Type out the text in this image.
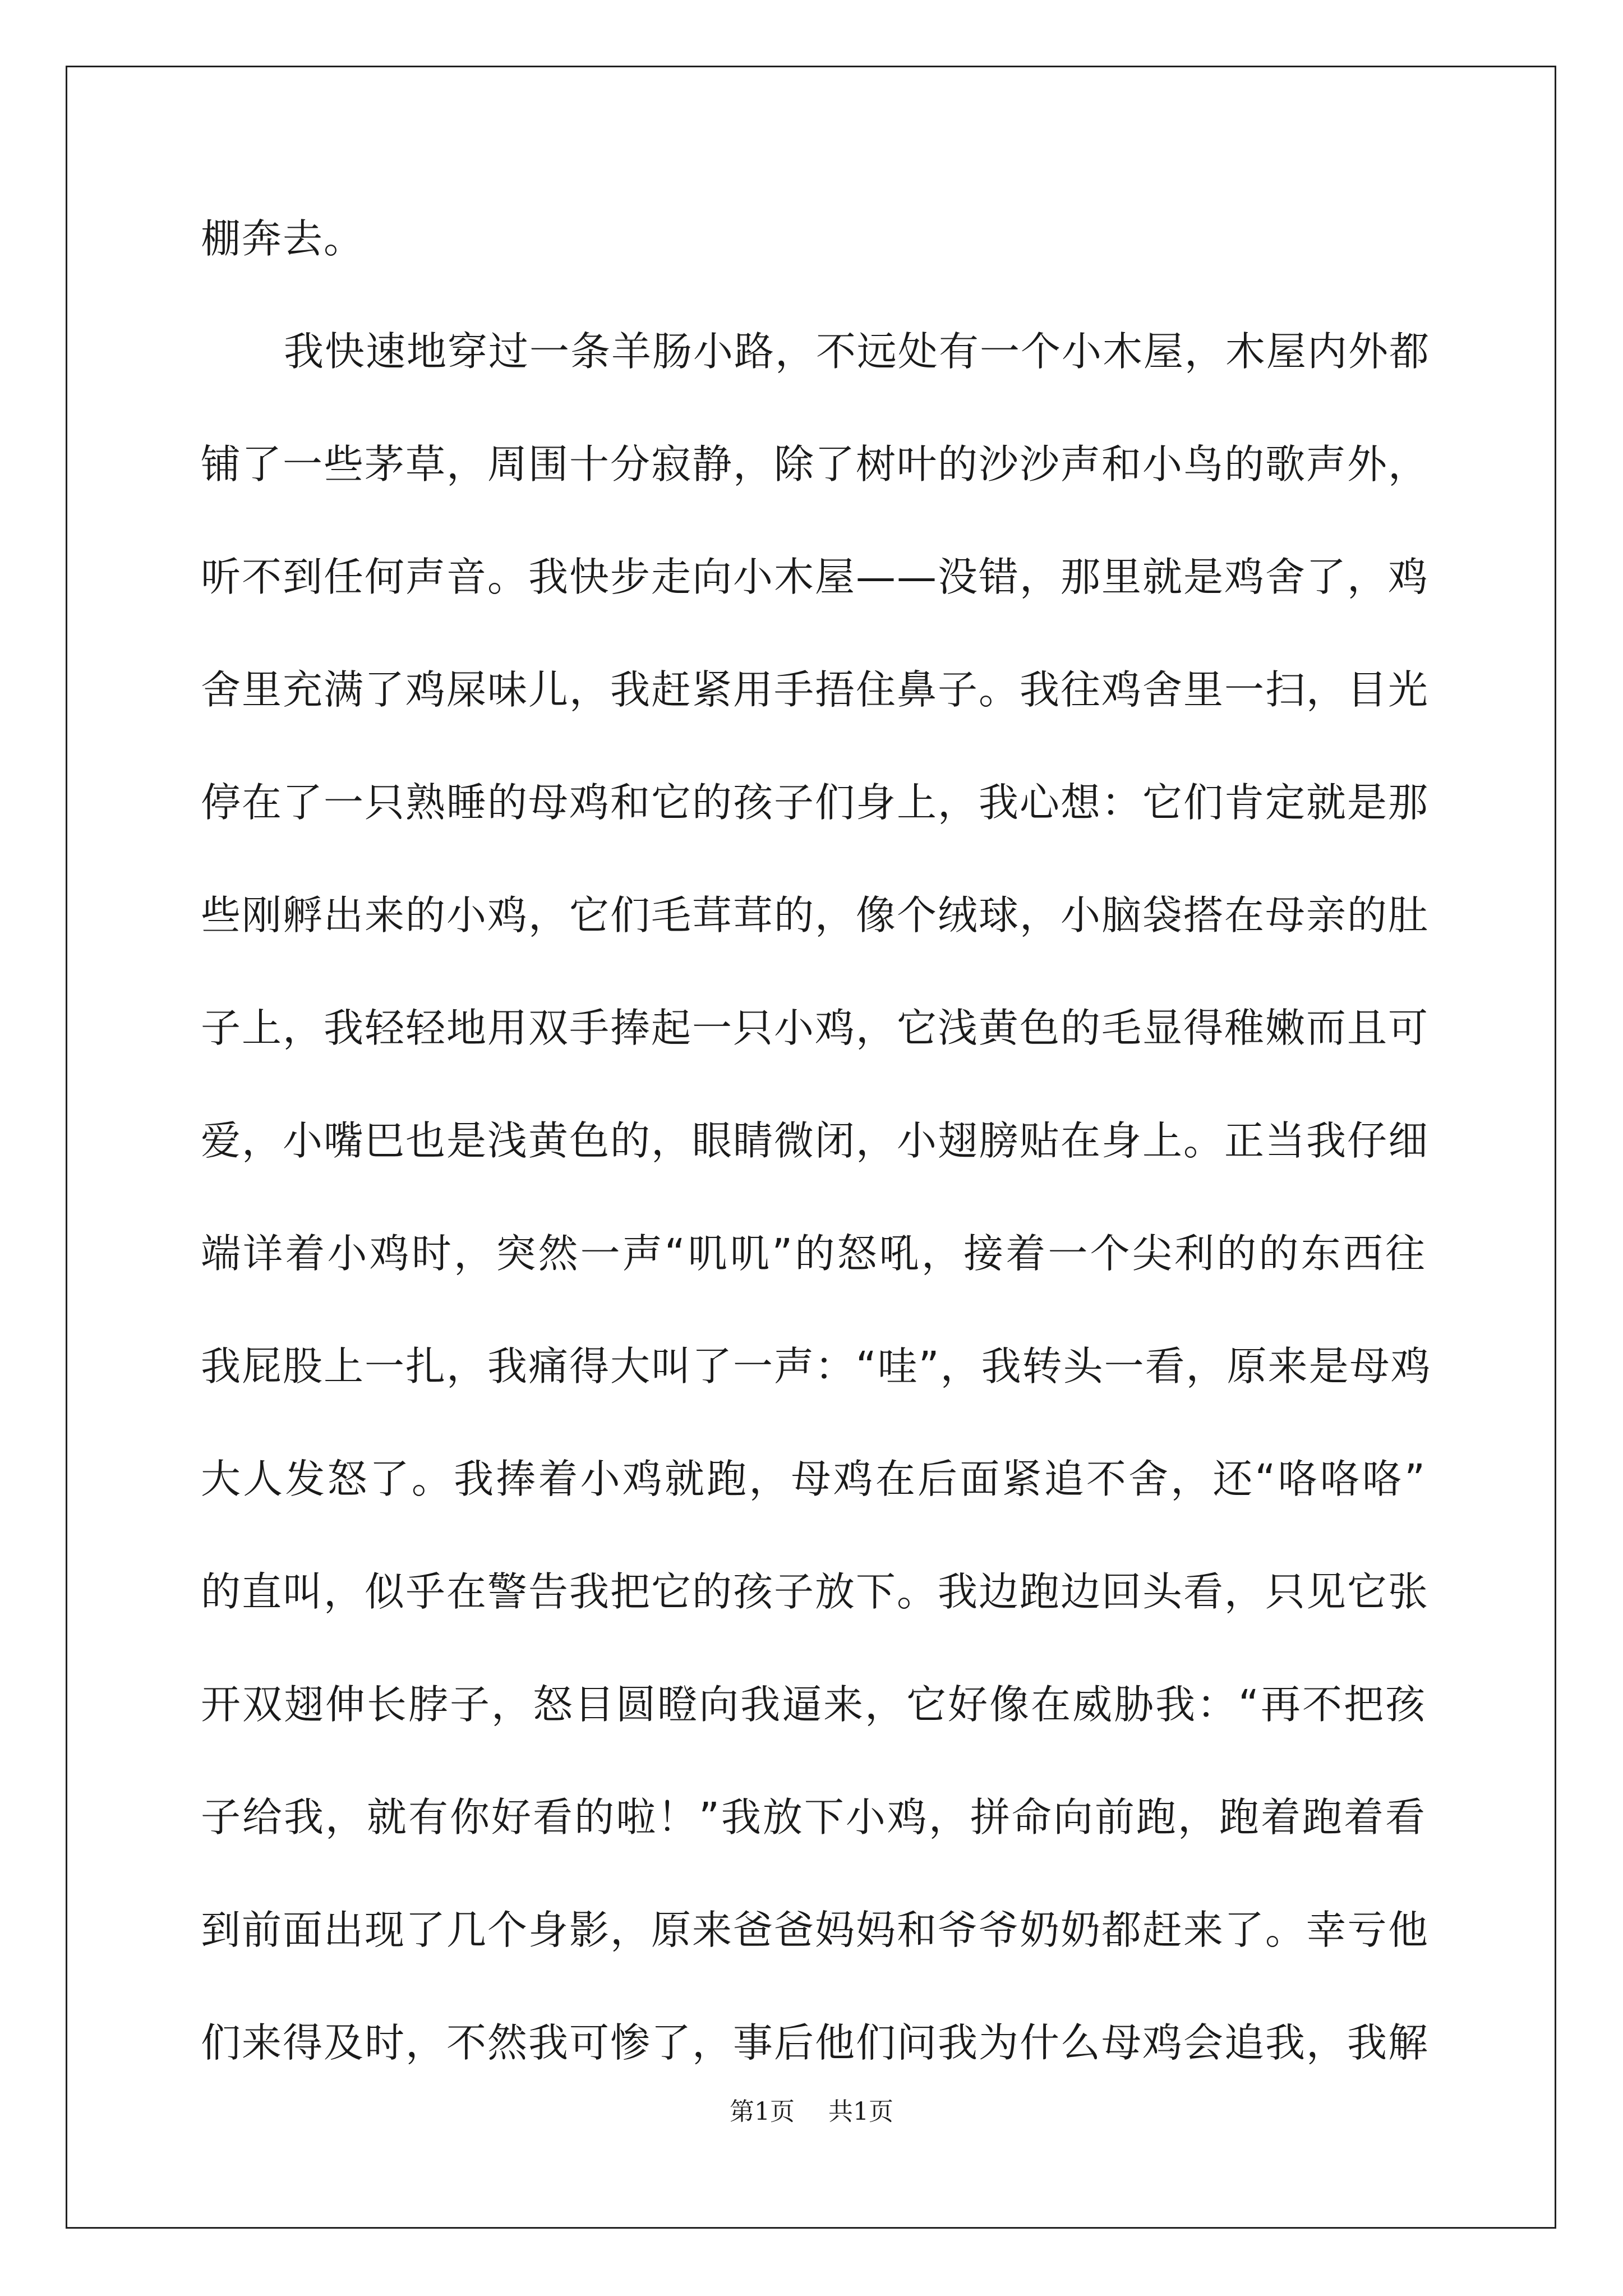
棚奔去。
我快速地穿过一条羊肠小路，不远处有一个小木屋，木屋内外都
铺了一些茅草，周围十分寂静，除了树叶的沙沙声和小鸟的歌声外，
听不到任何声音。我快步走向小木屋——没错，那里就是鸡舍了，鸡
舍里充满了鸡屎味儿，我赶紧用手捂住鼻子。我往鸡舍里一扫，目光
停在了一只熟睡的母鸡和它的孩子们身上，我心想：它们肯定就是那
些刚孵出来的小鸡，它们毛茸茸的，像个绒球，小脑袋搭在母亲的肚
子上，我轻轻地用双手捧起一只小鸡，它浅黄色的毛显得稚嫩而且可
爱，小嘴巴也是浅黄色的，眼睛微闭，小翅膀贴在身上。正当我仔细
端详着小鸡时，突然一声“叽叽”的怒吼，接着一个尖利的的东西往
我屁股上一扎，我痛得大叫了一声：“哇”，我转头一看，原来是母鸡
大人发怒了。我捧着小鸡就跑，母鸡在后面紧追不舍，还“咯咯咯”
的直叫，似乎在警告我把它的孩子放下。我边跑边回头看，只见它张
开双翅伸长脖子，怒目圆瞪向我逼来，它好像在威胁我：“再不把孩
子给我，就有你好看的啦！”我放下小鸡，拼命向前跑，跑着跑着看
到前面出现了几个身影，原来爸爸妈妈和爷爷奶奶都赶来了。幸亏他
们来得及时，不然我可惨了，事后他们问我为什么母鸡会追我，我解
第1页 共1页
